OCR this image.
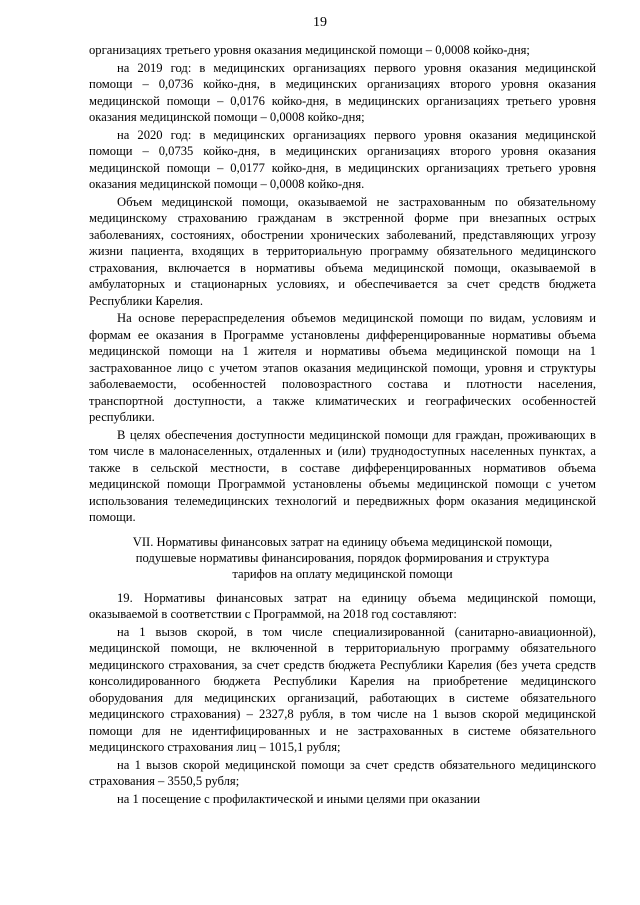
19

организациях третьего уровня оказания медицинской помощи – 0,0008 койко-дня;

на 2019 год: в медицинских организациях первого уровня оказания медицинской помощи – 0,0736 койко-дня, в медицинских организациях второго уровня оказания медицинской помощи – 0,0176 койко-дня, в медицинских организациях третьего уровня оказания медицинской помощи – 0,0008 койко-дня;

на 2020 год: в медицинских организациях первого уровня оказания медицинской помощи – 0,0735 койко-дня, в медицинских организациях второго уровня оказания медицинской помощи – 0,0177 койко-дня, в медицинских организациях третьего уровня оказания медицинской помощи – 0,0008 койко-дня.

Объем медицинской помощи, оказываемой не застрахованным по обязательному медицинскому страхованию гражданам в экстренной форме при внезапных острых заболеваниях, состояниях, обострении хронических заболеваний, представляющих угрозу жизни пациента, входящих в территориальную программу обязательного медицинского страхования, включается в нормативы объема медицинской помощи, оказываемой в амбулаторных и стационарных условиях, и обеспечивается за счет средств бюджета Республики Карелия.

На основе перераспределения объемов медицинской помощи по видам, условиям и формам ее оказания в Программе установлены дифференцированные нормативы объема медицинской помощи на 1 жителя и нормативы объема медицинской помощи на 1 застрахованное лицо с учетом этапов оказания медицинской помощи, уровня и структуры заболеваемости, особенностей половозрастного состава и плотности населения, транспортной доступности, а также климатических и географических особенностей республики.

В целях обеспечения доступности медицинской помощи для граждан, проживающих в том числе в малонаселенных, отдаленных и (или) труднодоступных населенных пунктах, а также в сельской местности, в составе дифференцированных нормативов объема медицинской помощи Программой установлены объемы медицинской помощи с учетом использования телемедицинских технологий и передвижных форм оказания медицинской помощи.

VII. Нормативы финансовых затрат на единицу объема медицинской помощи,
подушевые нормативы финансирования, порядок формирования и структура
тарифов на оплату медицинской помощи

19. Нормативы финансовых затрат на единицу объема медицинской помощи, оказываемой в соответствии с Программой, на 2018 год составляют:

на 1 вызов скорой, в том числе специализированной (санитарно-авиационной), медицинской помощи, не включенной в территориальную программу обязательного медицинского страхования, за счет средств бюджета Республики Карелия (без учета средств консолидированного бюджета Республики Карелия на приобретение медицинского оборудования для медицинских организаций, работающих в системе обязательного медицинского страхования) – 2327,8 рубля, в том числе на 1 вызов скорой медицинской помощи для не идентифицированных и не застрахованных в системе обязательного медицинского страхования лиц – 1015,1 рубля;

на 1 вызов скорой медицинской помощи за счет средств обязательного медицинского страхования – 3550,5 рубля;

на 1 посещение с профилактической и иными целями при оказании
